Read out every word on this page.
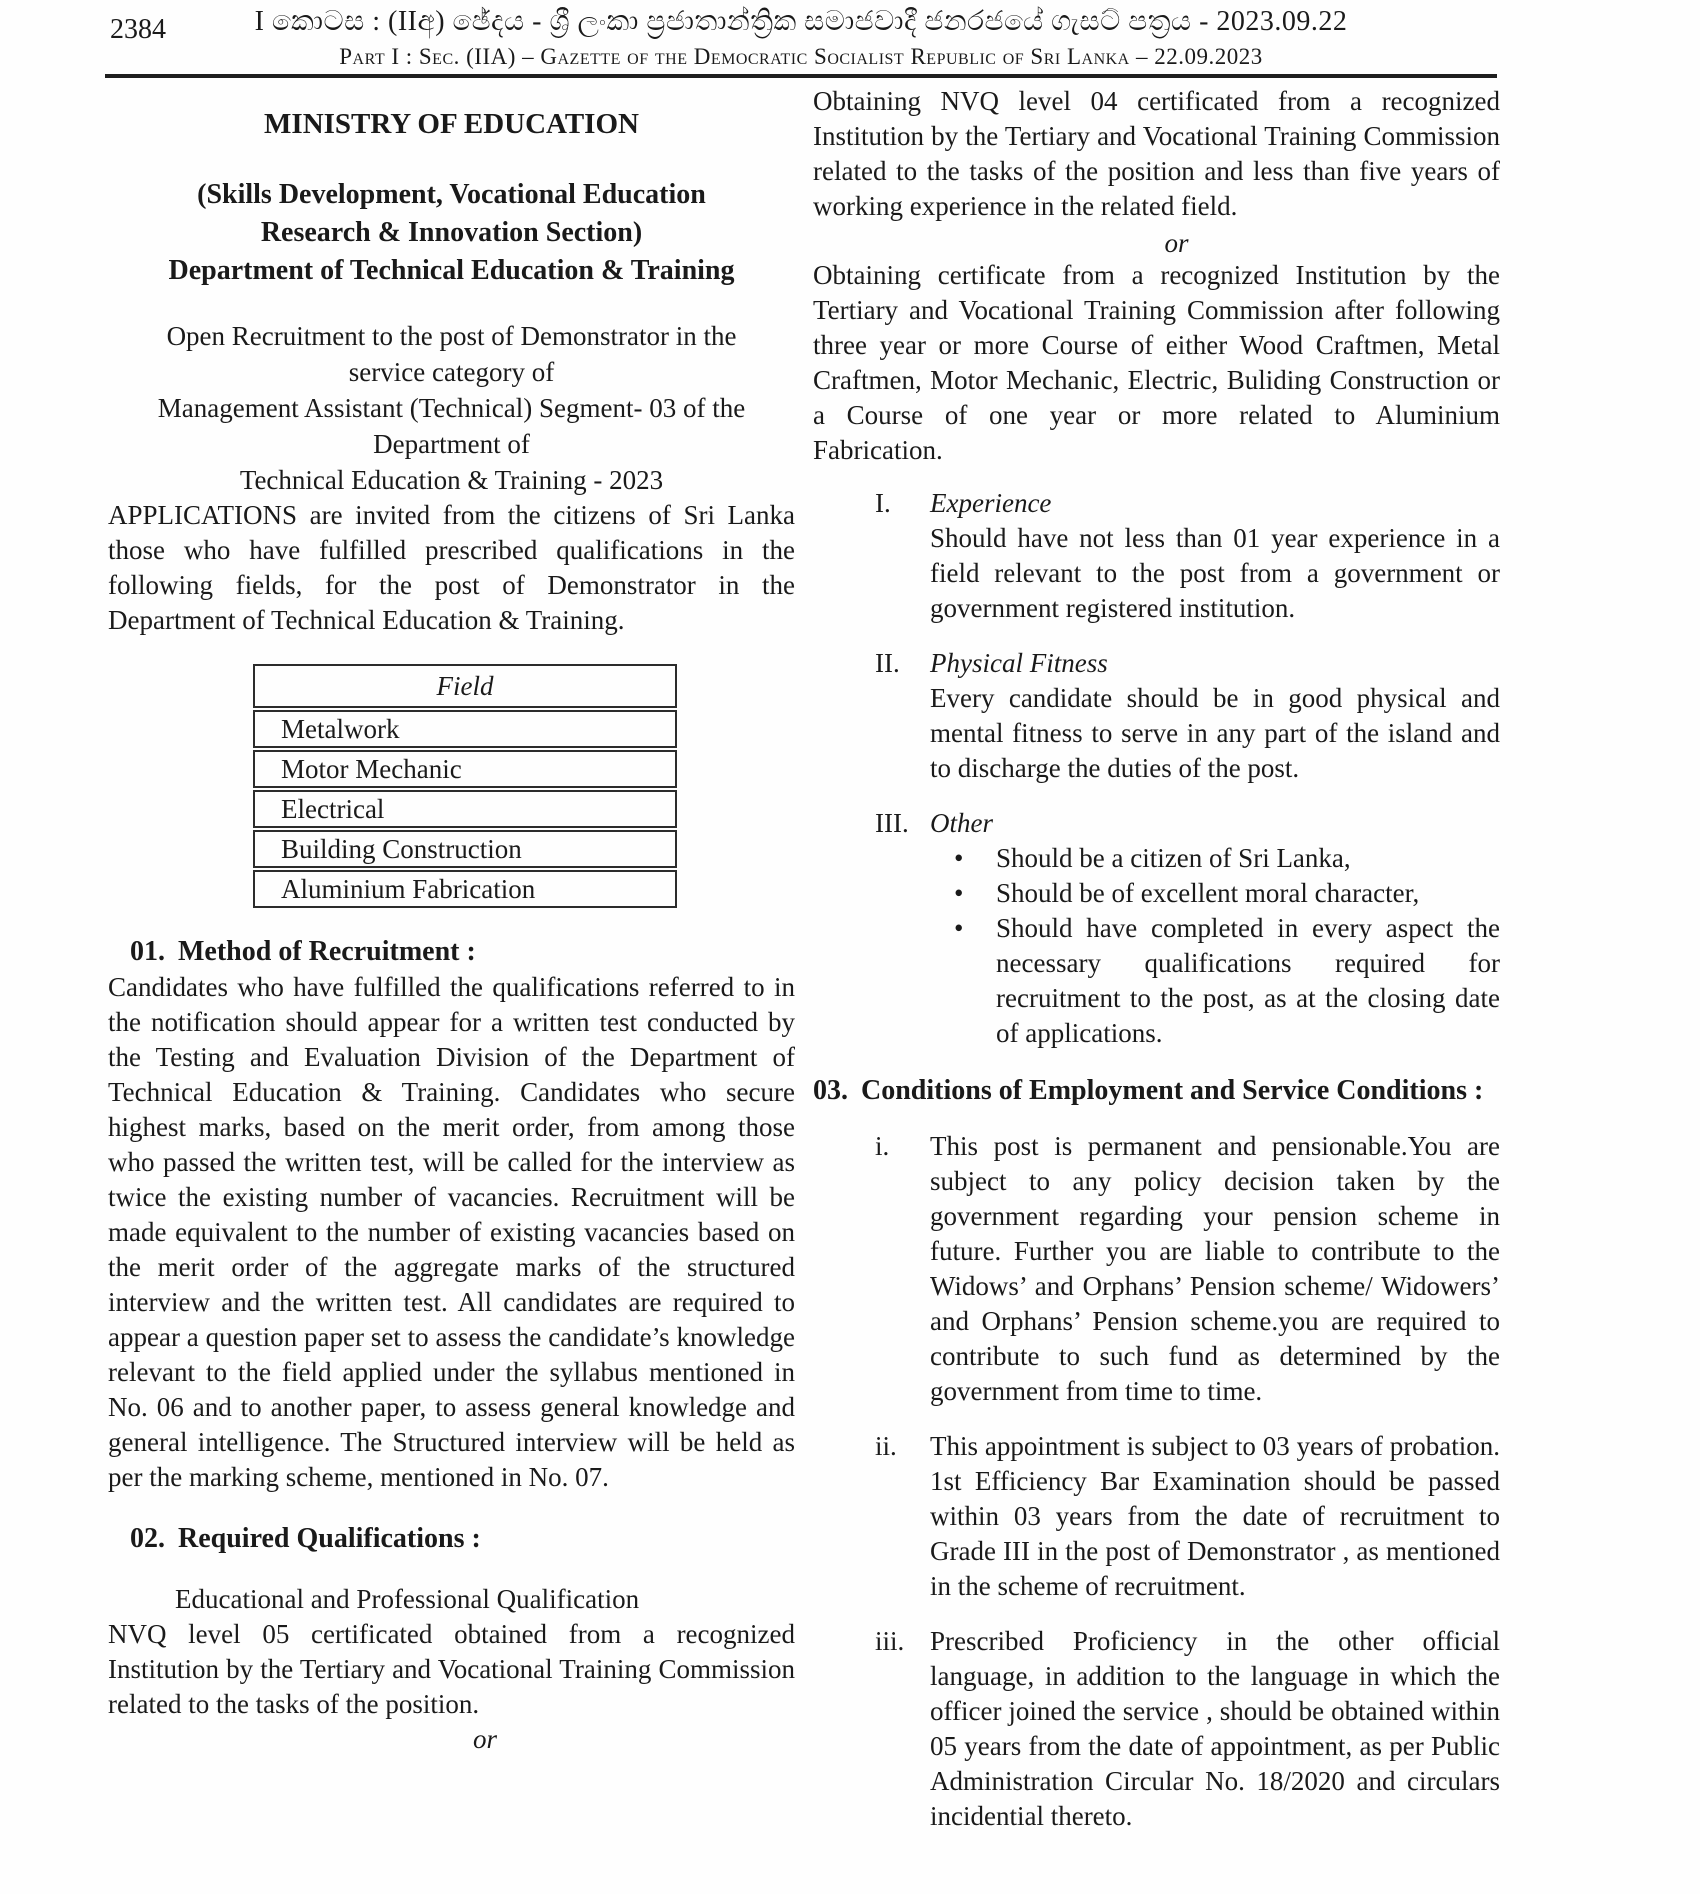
2384	I කොටස : (IIඅ) ඡේදය - ශ්‍රී ලංකා ප්‍රජාතාන්ත්‍රික සමාජවාදී ජනරජයේ ගැසට් පත්‍රය - 2023.09.22
Part I : Sec. (IIA) – Gazette of the Democratic Socialist Republic of Sri Lanka – 22.09.2023
MINISTRY OF EDUCATION
(Skills Development, Vocational Education
Research & Innovation Section)
Department of Technical Education & Training
Open Recruitment to the post of Demonstrator in the
service category of
Management Assistant (Technical) Segment- 03 of the
Department of
Technical Education & Training - 2023

APPLICATIONS are invited from the citizens of Sri Lanka those who have fulfilled prescribed qualifications in the following fields, for the post of Demonstrator in the Department of Technical Education & Training.

Field
Metalwork
Motor Mechanic
Electrical
Building Construction
Aluminium Fabrication
01. Method of Recruitment :

Candidates who have fulfilled the qualifications referred to in the notification should appear for a written test conducted by the Testing and Evaluation Division of the Department of Technical Education & Training. Candidates who secure highest marks, based on the merit order, from among those who passed the written test, will be called for the interview as twice the existing number of vacancies. Recruitment will be made equivalent to the number of existing vacancies based on the merit order of the aggregate marks of the structured interview and the written test. All candidates are required to appear a question paper set to assess the candidate’s knowledge relevant to the field applied under the syllabus mentioned in No. 06 and to another paper, to assess general knowledge and general intelligence. The Structured interview will be held as per the marking scheme, mentioned in No. 07.

02. Required Qualifications :
Educational and Professional Qualification

NVQ level 05 certificated obtained from a recognized Institution by the Tertiary and Vocational Training Commission related to the tasks of the position.

or

Obtaining NVQ level 04 certificated from a recognized Institution by the Tertiary and Vocational Training Commission related to the tasks of the position and less than five years of working experience in the related field.

or

Obtaining certificate from a recognized Institution by the Tertiary and Vocational Training Commission after following three year or more Course of either Wood Craftmen, Metal Craftmen, Motor Mechanic, Electric, Buliding Construction or a Course of one year or more related to Aluminium Fabrication.

I.	Experience
Should have not less than 01 year experience in a field relevant to the post from a government or government registered institution.
II.	Physical Fitness
Every candidate should be in good physical and mental fitness to serve in any part of the island and to discharge the duties of the post.
III. Other
•	Should be a citizen of Sri Lanka,
•	Should be of excellent moral character,
•	Should have completed in every aspect the necessary qualifications required for recruitment to the post, as at the closing date of applications.
03. Conditions of Employment and Service Conditions :
i.	This post is permanent and pensionable.You are subject to any policy decision taken by the government regarding your pension scheme in future. Further you are liable to contribute to the Widows’ and Orphans’ Pension scheme/ Widowers’ and Orphans’ Pension scheme.you are required to contribute to such fund as determined by the government from time to time.
ii.	This appointment is subject to 03 years of probation. 1st Efficiency Bar Examination should be passed within 03 years from the date of recruitment to Grade III in the post of Demonstrator , as mentioned in the scheme of recruitment.
iii. Prescribed Proficiency in the other official language, in addition to the language in which the officer joined the service , should be obtained within 05 years from the date of appointment, as per Public Administration Circular No. 18/2020 and circulars incidential thereto.
